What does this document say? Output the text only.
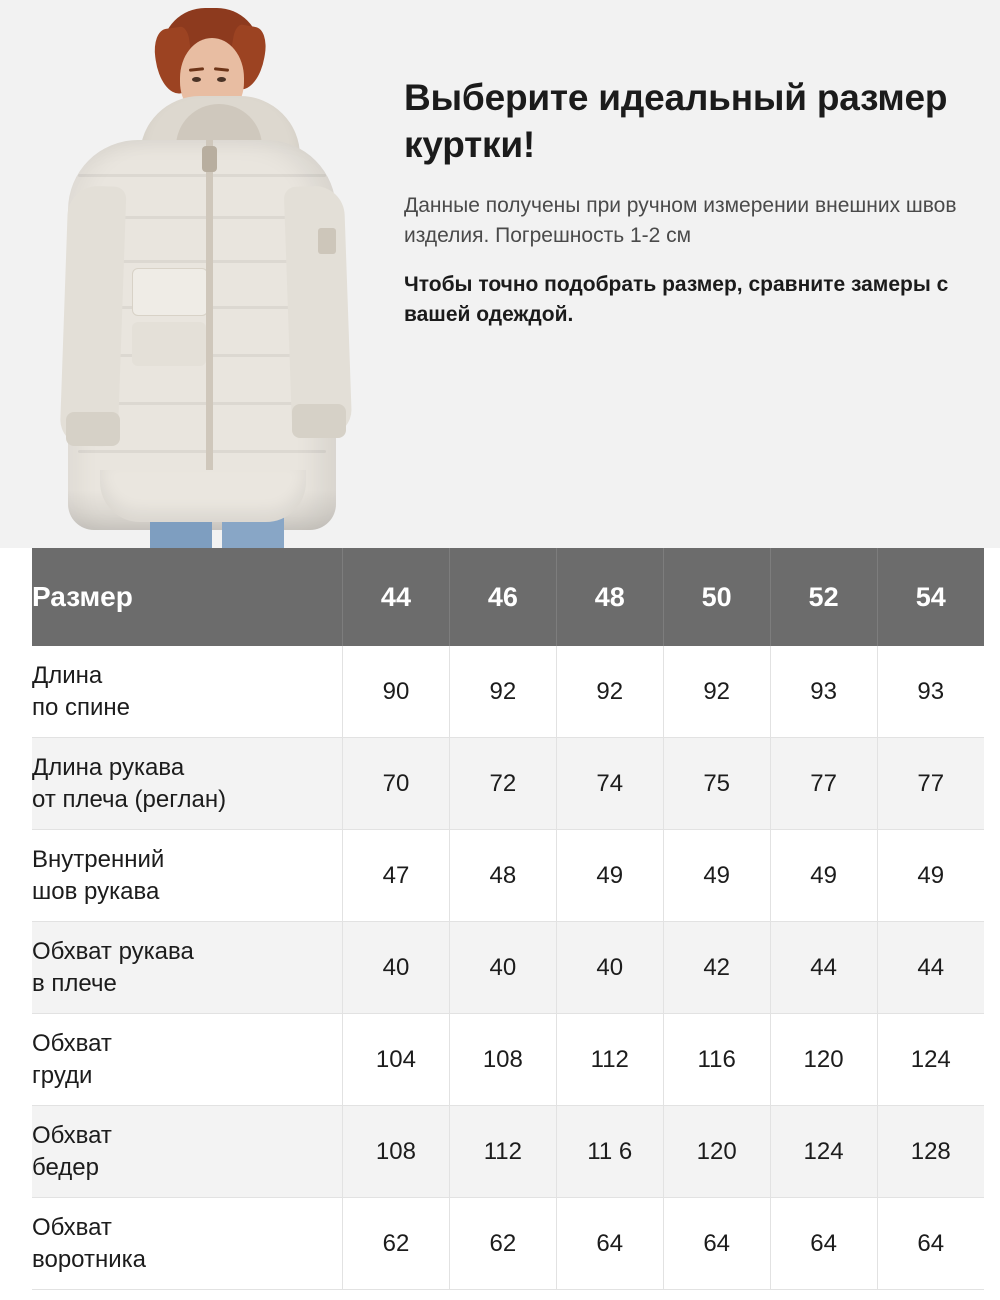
Выберите идеальный размер куртки!

Данные получены при ручном измерении внешних швов изделия. Погрешность 1-2 см

Чтобы точно подобрать размер, сравните замеры с вашей одеждой.

Размер	44	46	48	50	52	54
Длина
по спине	90	92	92	92	93	93
Длина рукава
от плеча (реглан)	70	72	74	75	77	77
Внутренний
шов рукава	47	48	49	49	49	49
Обхват рукава
в плече	40	40	40	42	44	44
Обхват
груди	104	108	112	116	120	124
Обхват
бедер	108	112	11 6	120	124	128
Обхват
воротника	62	62	64	64	64	64
